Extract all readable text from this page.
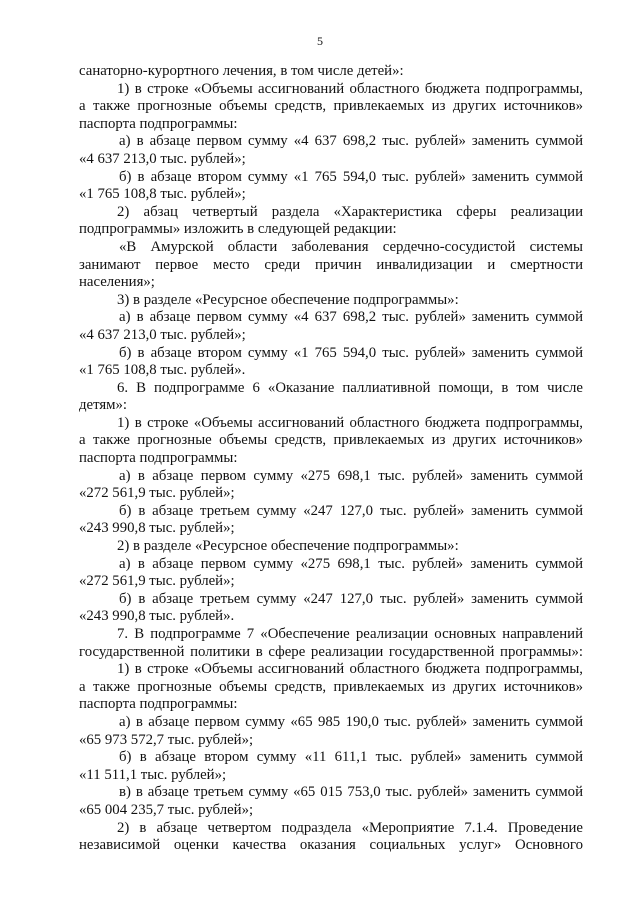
5
санаторно-курортного лечения, в том числе детей»:
1) в строке «Объемы ассигнований областного бюджета подпрограммы,
а также прогнозные объемы средств, привлекаемых из других источников»
паспорта подпрограммы:
а) в абзаце первом сумму «4 637 698,2 тыс. рублей» заменить суммой
«4 637 213,0 тыс. рублей»;
б) в абзаце втором сумму «1 765 594,0 тыс. рублей» заменить суммой
«1 765 108,8 тыс. рублей»;
2) абзац четвертый раздела «Характеристика сферы реализации
подпрограммы» изложить в следующей редакции:
«В Амурской области заболевания сердечно-сосудистой системы
занимают первое место среди причин инвалидизации и смертности
населения»;
3) в разделе «Ресурсное обеспечение подпрограммы»:
а) в абзаце первом сумму «4 637 698,2 тыс. рублей» заменить суммой
«4 637 213,0 тыс. рублей»;
б) в абзаце втором сумму «1 765 594,0 тыс. рублей» заменить суммой
«1 765 108,8 тыс. рублей».
6. В подпрограмме 6 «Оказание паллиативной помощи, в том числе
детям»:
1) в строке «Объемы ассигнований областного бюджета подпрограммы,
а также прогнозные объемы средств, привлекаемых из других источников»
паспорта подпрограммы:
а) в абзаце первом сумму «275 698,1 тыс. рублей» заменить суммой
«272 561,9 тыс. рублей»;
б) в абзаце третьем сумму «247 127,0 тыс. рублей» заменить суммой
«243 990,8 тыс. рублей»;
2) в разделе «Ресурсное обеспечение подпрограммы»:
а) в абзаце первом сумму «275 698,1 тыс. рублей» заменить суммой
«272 561,9 тыс. рублей»;
б) в абзаце третьем сумму «247 127,0 тыс. рублей» заменить суммой
«243 990,8 тыс. рублей».
7. В подпрограмме 7 «Обеспечение реализации основных направлений
государственной политики в сфере реализации государственной программы»:
1) в строке «Объемы ассигнований областного бюджета подпрограммы,
а также прогнозные объемы средств, привлекаемых из других источников»
паспорта подпрограммы:
а) в абзаце первом сумму «65 985 190,0 тыс. рублей» заменить суммой
«65 973 572,7 тыс. рублей»;
б) в абзаце втором сумму «11 611,1 тыс. рублей» заменить суммой
«11 511,1 тыс. рублей»;
в) в абзаце третьем сумму «65 015 753,0 тыс. рублей» заменить суммой
«65 004 235,7 тыс. рублей»;
2) в абзаце четвертом подраздела «Мероприятие 7.1.4. Проведение
независимой оценки качества оказания социальных услуг» Основного
